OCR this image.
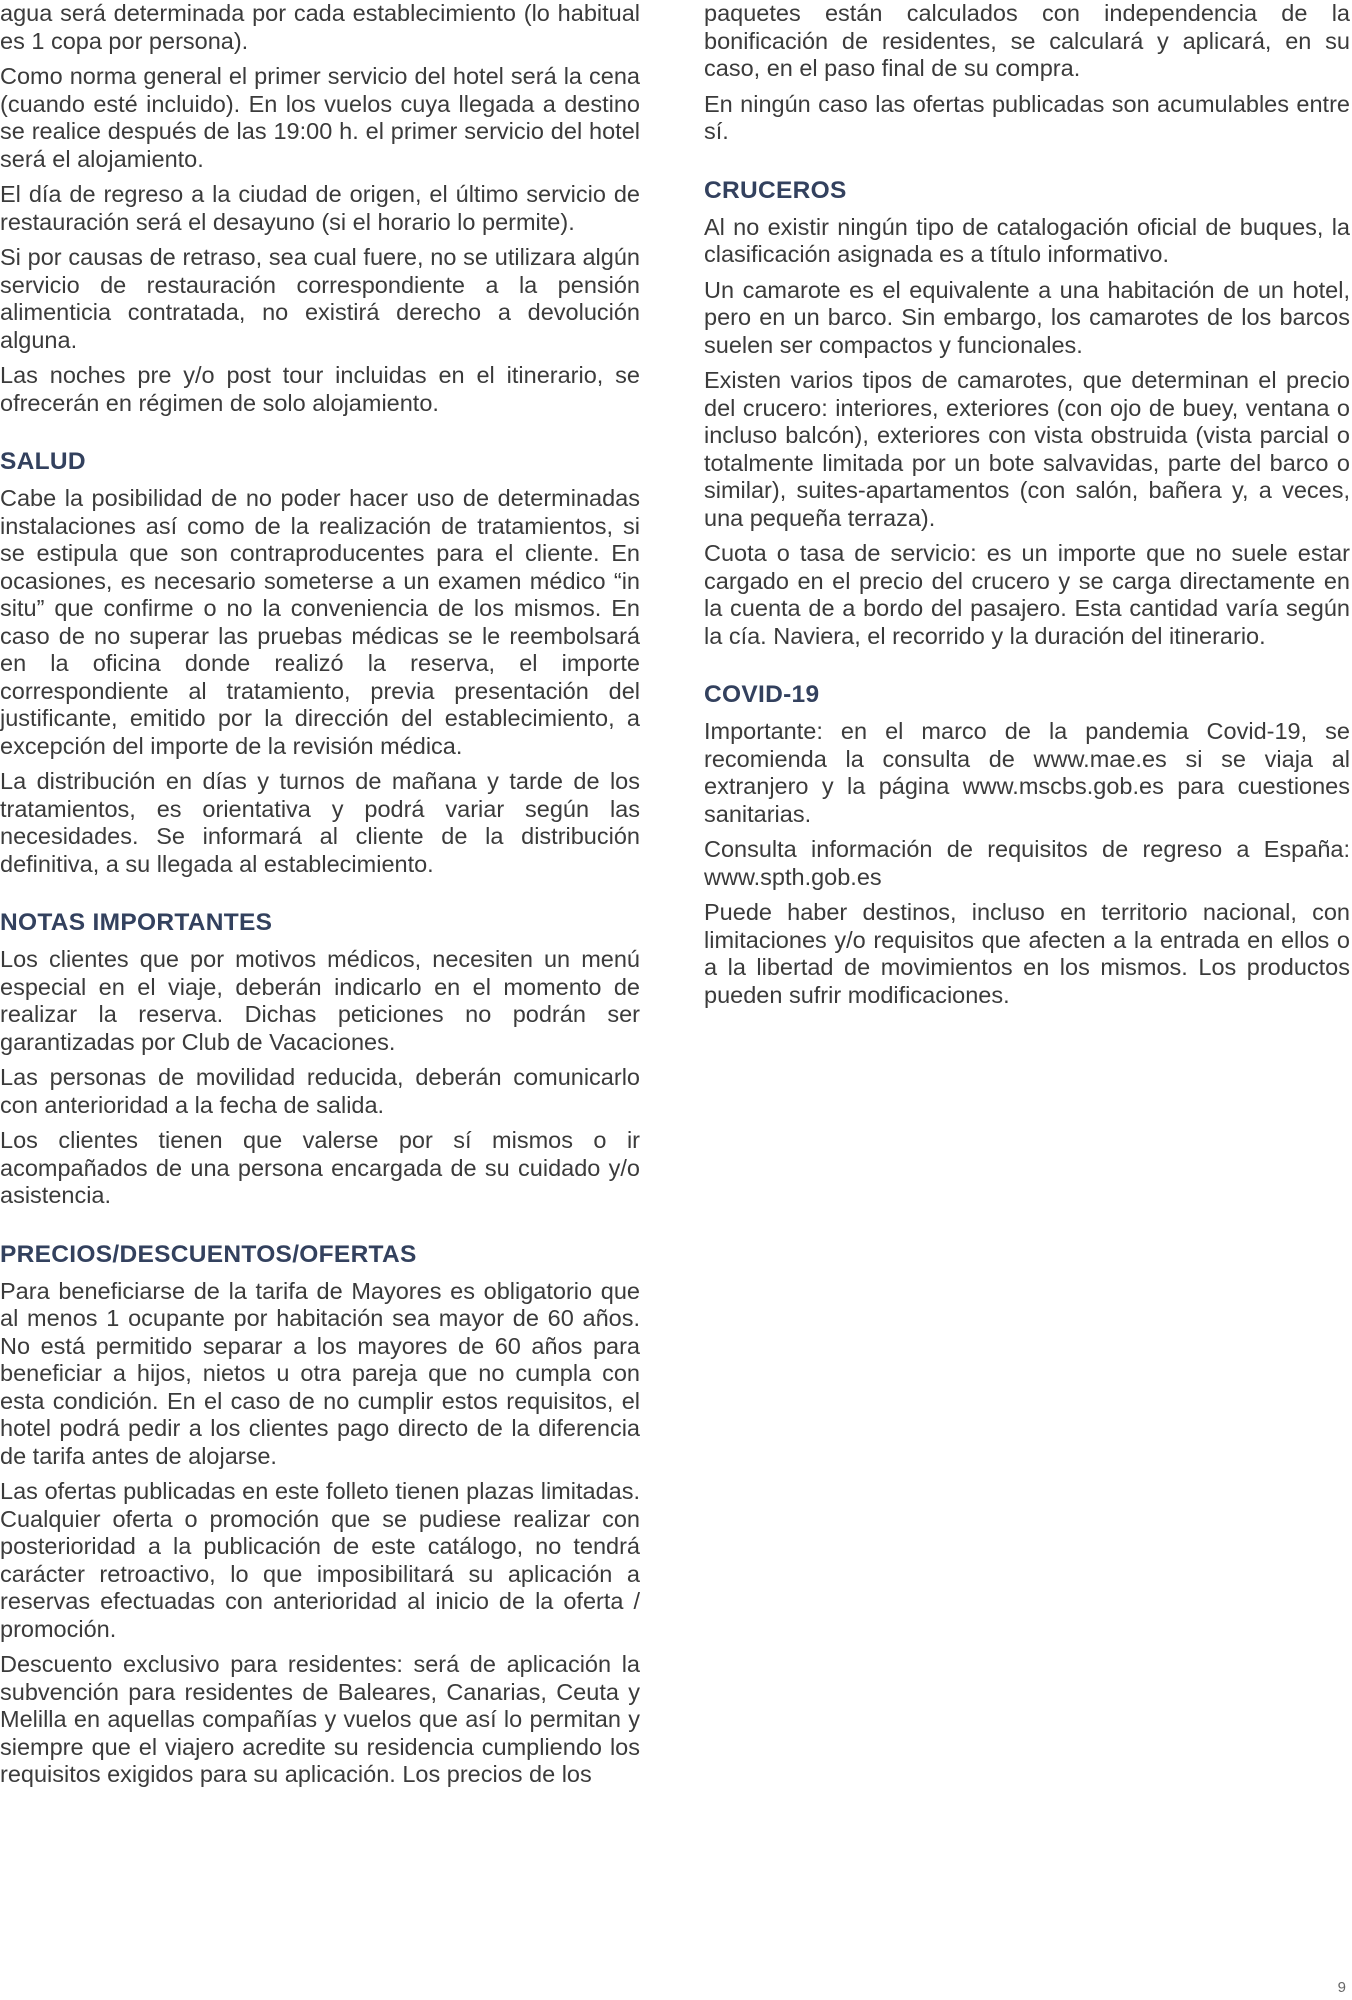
agua será determinada por cada establecimiento (lo habitual es 1 copa por persona).

Como norma general el primer servicio del hotel será la cena (cuando esté incluido). En los vuelos cuya llegada a destino se realice después de las 19:00 h. el primer servicio del hotel será el alojamiento.

El día de regreso a la ciudad de origen, el último servicio de restauración será el desayuno (si el horario lo permite).

Si por causas de retraso, sea cual fuere, no se utilizara algún servicio de restauración correspondiente a la pensión alimenticia contratada, no existirá derecho a devolución alguna.

Las noches pre y/o post tour incluidas en el itinerario, se ofrecerán en régimen de solo alojamiento.

SALUD

Cabe la posibilidad de no poder hacer uso de determinadas instalaciones así como de la realización de tratamientos, si se estipula que son contraproducentes para el cliente. En ocasiones, es necesario someterse a un examen médico “in situ” que confirme o no la conveniencia de los mismos. En caso de no superar las pruebas médicas se le reembolsará en la oficina donde realizó la reserva, el importe correspondiente al tratamiento, previa presentación del justificante, emitido por la dirección del establecimiento, a excepción del importe de la revisión médica.

La distribución en días y turnos de mañana y tarde de los tratamientos, es orientativa y podrá variar según las necesidades. Se informará al cliente de la distribución definitiva, a su llegada al establecimiento.

NOTAS IMPORTANTES

Los clientes que por motivos médicos, necesiten un menú especial en el viaje, deberán indicarlo en el momento de realizar la reserva. Dichas peticiones no podrán ser garantizadas por Club de Vacaciones.

Las personas de movilidad reducida, deberán comunicarlo con anterioridad a la fecha de salida.

Los clientes tienen que valerse por sí mismos o ir acompañados de una persona encargada de su cuidado y/o asistencia.

PRECIOS/DESCUENTOS/OFERTAS

Para beneficiarse de la tarifa de Mayores es obligatorio que al menos 1 ocupante por habitación sea mayor de 60 años. No está permitido separar a los mayores de 60 años para beneficiar a hijos, nietos u otra pareja que no cumpla con esta condición. En el caso de no cumplir estos requisitos, el hotel podrá pedir a los clientes pago directo de la diferencia de tarifa antes de alojarse.

Las ofertas publicadas en este folleto tienen plazas limitadas. Cualquier oferta o promoción que se pudiese realizar con posterioridad a la publicación de este catálogo, no tendrá carácter retroactivo, lo que imposibilitará su aplicación a reservas efectuadas con anterioridad al inicio de la oferta / promoción.

Descuento exclusivo para residentes: será de aplicación la subvención para residentes de Baleares, Canarias, Ceuta y Melilla en aquellas compañías y vuelos que así lo permitan y siempre que el viajero acredite su residencia cumpliendo los requisitos exigidos para su aplicación. Los precios de los

paquetes están calculados con independencia de la bonificación de residentes, se calculará y aplicará, en su caso, en el paso final de su compra.

En ningún caso las ofertas publicadas son acumulables entre sí.

CRUCEROS

Al no existir ningún tipo de catalogación oficial de buques, la clasificación asignada es a título informativo.

Un camarote es el equivalente a una habitación de un hotel, pero en un barco. Sin embargo, los camarotes de los barcos suelen ser compactos y funcionales.

Existen varios tipos de camarotes, que determinan el precio del crucero: interiores, exteriores (con ojo de buey, ventana o incluso balcón), exteriores con vista obstruida (vista parcial o totalmente limitada por un bote salvavidas, parte del barco o similar), suites-apartamentos (con salón, bañera y, a veces, una pequeña terraza).

Cuota o tasa de servicio: es un importe que no suele estar cargado en el precio del crucero y se carga directamente en la cuenta de a bordo del pasajero. Esta cantidad varía según la cía. Naviera, el recorrido y la duración del itinerario.

COVID-19

Importante: en el marco de la pandemia Covid-19, se recomienda la consulta de www.mae.es si se viaja al extranjero y la página www.mscbs.gob.es para cuestiones sanitarias.

Consulta información de requisitos de regreso a España: www.spth.gob.es

Puede haber destinos, incluso en territorio nacional, con limitaciones y/o requisitos que afecten a la entrada en ellos o a la libertad de movimientos en los mismos. Los productos pueden sufrir modificaciones.

9
